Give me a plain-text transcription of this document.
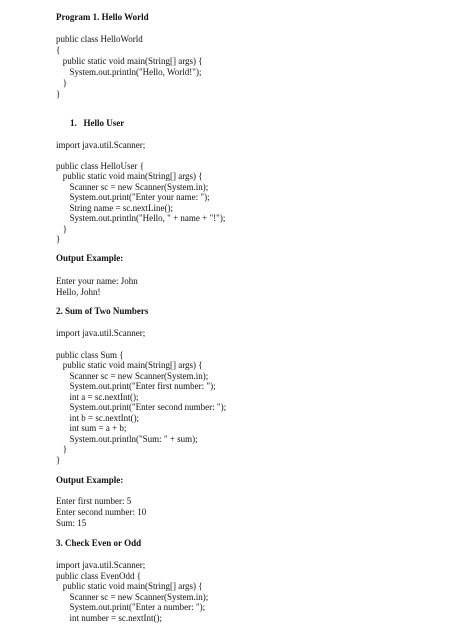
Program 1. Hello World
public class HelloWorld
{
public static void main(String[] args) {
System.out.println("Hello, World!");
}
}
1.   Hello User
import java.util.Scanner;
public class HelloUser {
public static void main(String[] args) {
Scanner sc = new Scanner(System.in);
System.out.print("Enter your name: ");
String name = sc.nextLine();
System.out.println("Hello, " + name + "!");
}
}
Output Example:
Enter your name: John
Hello, John!
2. Sum of Two Numbers
import java.util.Scanner;
public class Sum {
public static void main(String[] args) {
Scanner sc = new Scanner(System.in);
System.out.print("Enter first number: ");
int a = sc.nextInt();
System.out.print("Enter second number: ");
int b = sc.nextInt();
int sum = a + b;
System.out.println("Sum: " + sum);
}
}
Output Example:
Enter first number: 5
Enter second number: 10
Sum: 15
3. Check Even or Odd
import java.util.Scanner;
public class EvenOdd {
public static void main(String[] args) {
Scanner sc = new Scanner(System.in);
System.out.print("Enter a number: ");
int number = sc.nextInt();
